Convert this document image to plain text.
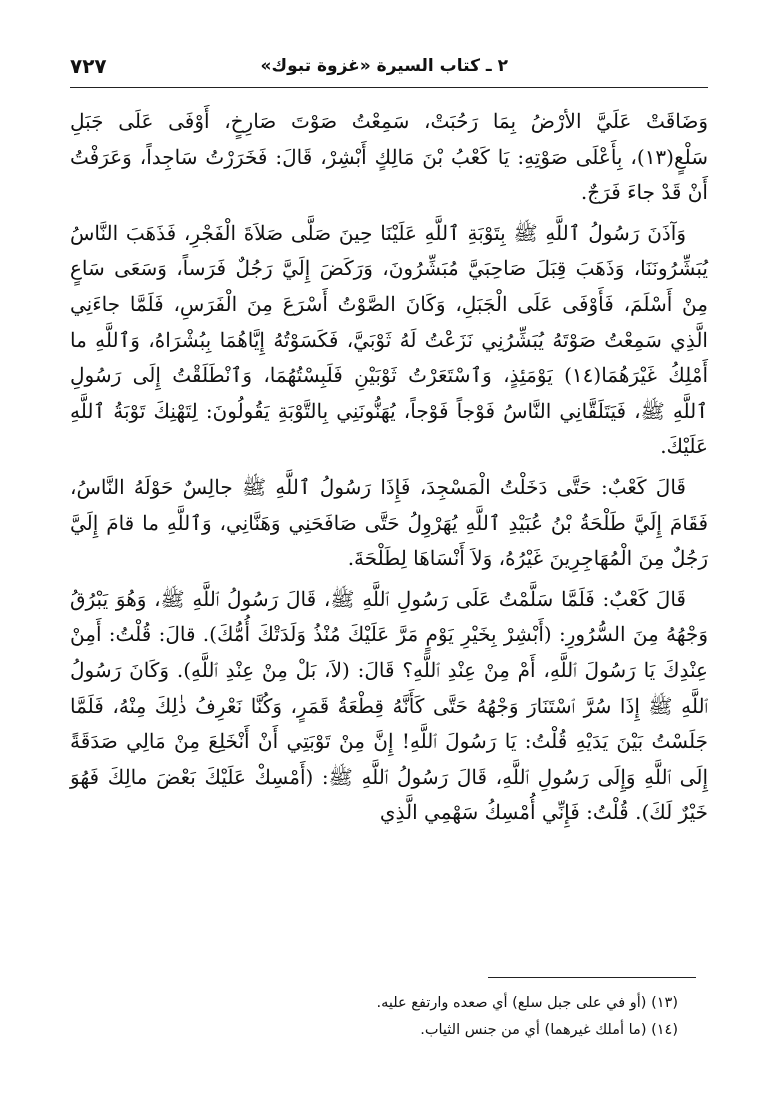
٢ ـ كتاب السيرة «غزوة تبوك»
٧٢٧

وَضَاقَتْ عَلَيَّ الأرْضُ بِمَا رَحُبَتْ، سَمِعْتُ صَوْتَ صَارِخٍ، أَوْفَى عَلَى جَبَلِ سَلْعٍ(١٣)، بِأَعْلَى صَوْتِهِ: يَا كَعْبُ بْنَ مَالِكٍ أَبْشِرْ، قَالَ: فَخَرَرْتُ سَاجِداً، وَعَرَفْتُ أَنْ قَدْ جاءَ فَرَجٌ.

وَآذَنَ رَسُولُ ٱللَّهِ ﷺ بِتَوْبَةِ ٱللَّهِ عَلَيْنَا حِينَ صَلَّى صَلاَةَ الْفَجْرِ، فَذَهَبَ النَّاسُ يُبَشِّرُونَنَا، وَذَهَبَ قِبَلَ صَاحِبَيَّ مُبَشِّرُونَ، وَرَكَضَ إِلَيَّ رَجُلٌ فَرَساً، وَسَعَى سَاعٍ مِنْ أَسْلَمَ، فَأَوْفَى عَلَى الْجَبَلِ، وَكَانَ الصَّوْتُ أَسْرَعَ مِنَ الْفَرَسِ، فَلَمَّا جاءَنِي الَّذِي سَمِعْتُ صَوْتَهُ يُبَشِّرُنِي نَزَعْتُ لَهُ ثَوْبَيَّ، فَكَسَوْتُهُ إِيَّاهُمَا بِبُشْرَاهُ، وَٱللَّهِ ما أَمْلِكُ غَيْرَهُمَا(١٤) يَوْمَئِذٍ، وَٱسْتَعَرْتُ ثَوْبَيْنِ فَلَبِسْتُهُمَا، وَٱنْطَلَقْتُ إِلَى رَسُولِ ٱللَّهِ ﷺ، فَيَتَلَقَّانِي النَّاسُ فَوْجاً فَوْجاً، يُهَنُّونَنِي بِالتَّوْبَةِ يَقُولُونَ: لِتَهْنِكَ تَوْبَةُ ٱللَّهِ عَلَيْكَ.

قَالَ كَعْبٌ: حَتَّى دَخَلْتُ الْمَسْجِدَ، فَإِذَا رَسُولُ ٱللَّهِ ﷺ جالِسٌ حَوْلَهُ النَّاسُ، فَقَامَ إِلَيَّ طَلْحَةُ بْنُ عُبَيْدِ ٱللَّهِ يُهَرْوِلُ حَتَّى صَافَحَنِي وَهَنَّانِي، وَٱللَّهِ ما قامَ إِلَيَّ رَجُلٌ مِنَ الْمُهَاجِرِينَ غَيْرُهُ، وَلاَ أَنْسَاهَا لِطَلْحَةَ.

قَالَ كَعْبٌ: فَلَمَّا سَلَّمْتُ عَلَى رَسُولِ ٱللَّهِ ﷺ، قَالَ رَسُولُ ٱللَّهِ ﷺ، وَهُوَ يَبْرُقُ وَجْهُهُ مِنَ السُّرُورِ: (أَبْشِرْ بِخَيْرِ يَوْمٍ مَرَّ عَلَيْكَ مُنْذُ وَلَدَتْكَ أُمُّكَ). قالَ: قُلْتُ: أَمِنْ عِنْدِكَ يَا رَسُولَ ٱللَّهِ، أَمْ مِنْ عِنْدِ ٱللَّهِ؟ قَالَ: (لاَ، بَلْ مِنْ عِنْدِ ٱللَّهِ). وَكَانَ رَسُولُ ٱللَّهِ ﷺ إِذَا سُرَّ ٱسْتَنَارَ وَجْهُهُ حَتَّى كَأَنَّهُ قِطْعَةُ قَمَرٍ، وَكُنَّا نَعْرِفُ ذٰلِكَ مِنْهُ، فَلَمَّا جَلَسْتُ بَيْنَ يَدَيْهِ قُلْتُ: يَا رَسُولَ ٱللَّهِ! إِنَّ مِنْ تَوْبَتِي أَنْ أَنْخَلِعَ مِنْ مَالِي صَدَقَةً إِلَى ٱللَّهِ وَإِلَى رَسُولِ ٱللَّهِ، قَالَ رَسُولُ ٱللَّهِ ﷺ: (أَمْسِكْ عَلَيْكَ بَعْضَ مالِكَ فَهُوَ خَيْرٌ لَكَ). قُلْتُ: فَإِنِّي أُمْسِكُ سَهْمِي الَّذِي

(١٣) (أو في على جبل سلع) أي صعده وارتفع عليه.

(١٤) (ما أملك غيرهما) أي من جنس الثياب.
